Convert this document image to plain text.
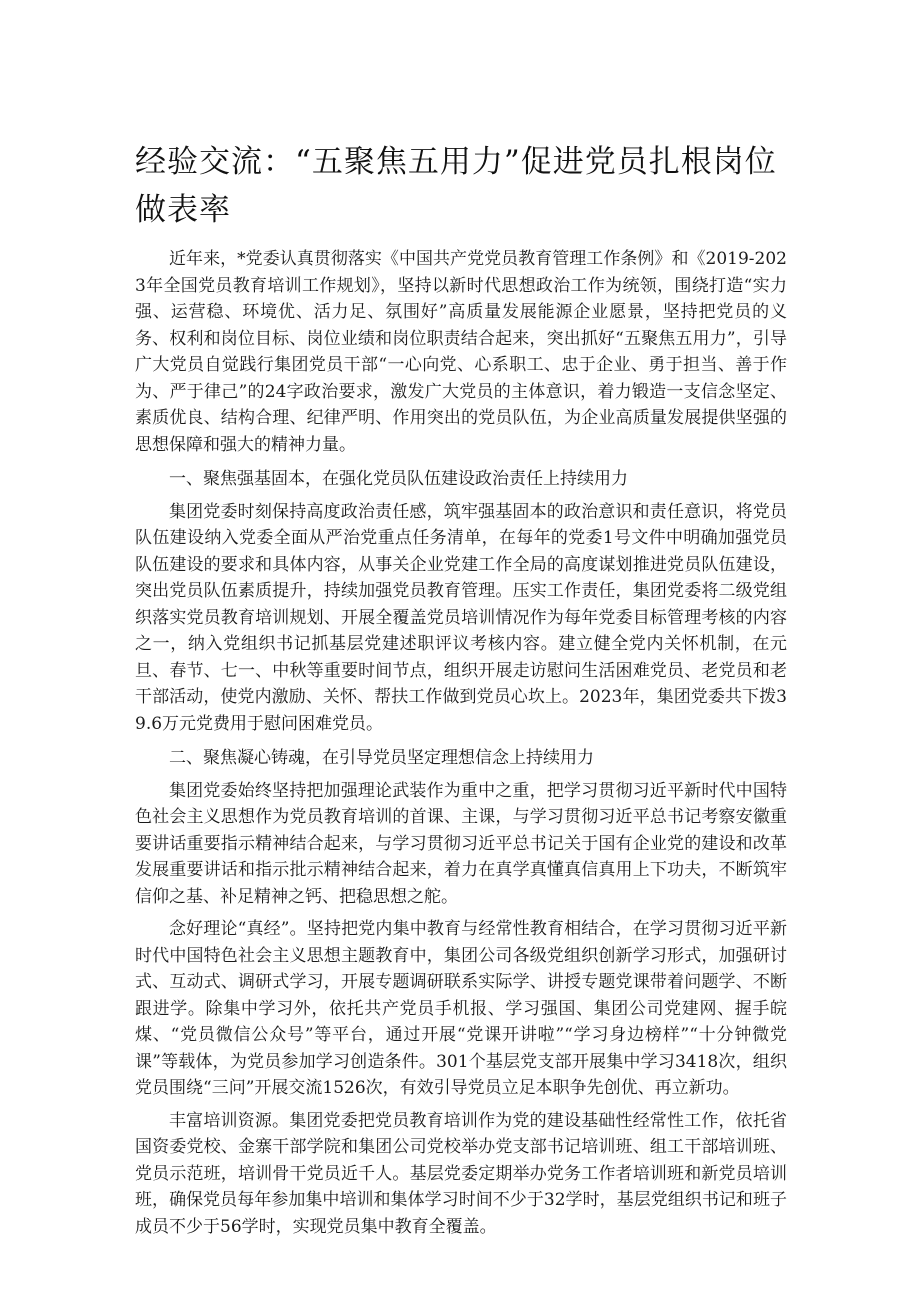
经验交流：“五聚焦五用力”促进党员扎根岗位做表率

近年来，*党委认真贯彻落实《中国共产党党员教育管理工作条例》和《2019-2023年全国党员教育培训工作规划》，坚持以新时代思想政治工作为统领，围绕打造“实力强、运营稳、环境优、活力足、氛围好”高质量发展能源企业愿景，坚持把党员的义务、权利和岗位目标、岗位业绩和岗位职责结合起来，突出抓好“五聚焦五用力”，引导广大党员自觉践行集团党员干部“一心向党、心系职工、忠于企业、勇于担当、善于作为、严于律己”的24字政治要求，激发广大党员的主体意识，着力锻造一支信念坚定、素质优良、结构合理、纪律严明、作用突出的党员队伍，为企业高质量发展提供坚强的思想保障和强大的精神力量。

一、聚焦强基固本，在强化党员队伍建设政治责任上持续用力

集团党委时刻保持高度政治责任感，筑牢强基固本的政治意识和责任意识，将党员队伍建设纳入党委全面从严治党重点任务清单，在每年的党委1号文件中明确加强党员队伍建设的要求和具体内容，从事关企业党建工作全局的高度谋划推进党员队伍建设，突出党员队伍素质提升，持续加强党员教育管理。压实工作责任，集团党委将二级党组织落实党员教育培训规划、开展全覆盖党员培训情况作为每年党委目标管理考核的内容之一，纳入党组织书记抓基层党建述职评议考核内容。建立健全党内关怀机制，在元旦、春节、七一、中秋等重要时间节点，组织开展走访慰问生活困难党员、老党员和老干部活动，使党内激励、关怀、帮扶工作做到党员心坎上。2023年，集团党委共下拨39.6万元党费用于慰问困难党员。

二、聚焦凝心铸魂，在引导党员坚定理想信念上持续用力

集团党委始终坚持把加强理论武装作为重中之重，把学习贯彻习近平新时代中国特色社会主义思想作为党员教育培训的首课、主课，与学习贯彻习近平总书记考察安徽重要讲话重要指示精神结合起来，与学习贯彻习近平总书记关于国有企业党的建设和改革发展重要讲话和指示批示精神结合起来，着力在真学真懂真信真用上下功夫，不断筑牢信仰之基、补足精神之钙、把稳思想之舵。

念好理论“真经”。坚持把党内集中教育与经常性教育相结合，在学习贯彻习近平新时代中国特色社会主义思想主题教育中，集团公司各级党组织创新学习形式，加强研讨式、互动式、调研式学习，开展专题调研联系实际学、讲授专题党课带着问题学、不断跟进学。除集中学习外，依托共产党员手机报、学习强国、集团公司党建网、握手皖煤、“党员微信公众号”等平台，通过开展“党课开讲啦”“学习身边榜样”“十分钟微党课”等载体，为党员参加学习创造条件。301个基层党支部开展集中学习3418次，组织党员围绕“三问”开展交流1526次，有效引导党员立足本职争先创优、再立新功。

丰富培训资源。集团党委把党员教育培训作为党的建设基础性经常性工作，依托省国资委党校、金寨干部学院和集团公司党校举办党支部书记培训班、组工干部培训班、党员示范班，培训骨干党员近千人。基层党委定期举办党务工作者培训班和新党员培训班，确保党员每年参加集中培训和集体学习时间不少于32学时，基层党组织书记和班子成员不少于56学时，实现党员集中教育全覆盖。
